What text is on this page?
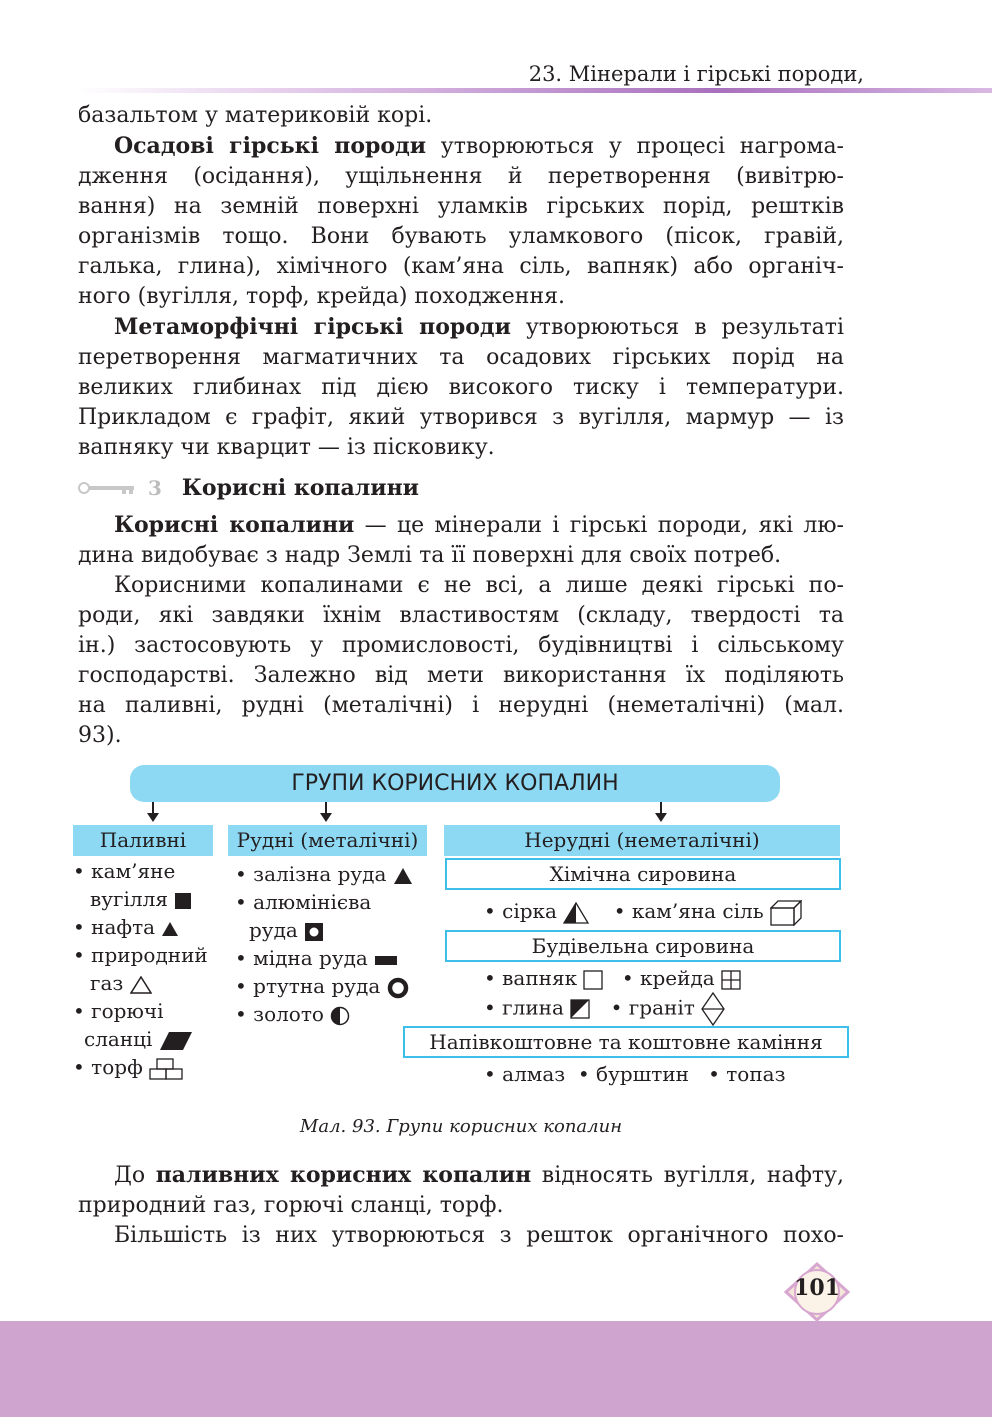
23. Мінерали і гірські породи,

базальтом у материковій корі.

Осадові гірські породи утворюються у процесі нагрома-

дження (осідання), ущільнення й перетворення (вивітрю-

вання) на земній поверхні уламків гірських порід, рештків

організмів тощо. Вони бувають уламкового (пісок, гравій,

галька, глина), хімічного (кам’яна сіль, вапняк) або органіч-

ного (вугілля, торф, крейда) походження.

Метаморфічні гірські породи утворюються в результаті

перетворення магматичних та осадових гірських порід на

великих глибинах під дією високого тиску і температури.

Прикладом є графіт, який утворився з вугілля, мармур — із

вапняку чи кварцит — із пісковику.

3 Корисні копалини

Корисні копалини — це мінерали і гірські породи, які лю-

дина видобуває з надр Землі та її поверхні для своїх потреб.

Корисними копалинами є не всі, а лише деякі гірські по-

роди, які завдяки їхнім властивостям (складу, твердості та

ін.) застосовують у промисловості, будівництві і сільському

господарстві. Залежно від мети використання їх поділяють

на паливні, рудні (металічні) і нерудні (неметалічні) (мал.

93).

ГРУПИ КОРИСНИХ КОПАЛИН
Паливні	Рудні (металічні)	Нерудні (неметалічні)
• кам’яне
вугілля
• нафта
• природний
газ
• горючі
сланці
• торф
• залізна руда
• алюмінієва
руда
• мідна руда
• ртутна руда
• золото
Хімічна сировина
• сірка	• кам’яна сіль
Будівельна сировина
• вапняк • крейда
• глина • граніт
Напівкоштовне та коштовне каміння
• алмаз • бурштин • топаз
Мал. 93. Групи корисних копалин

До паливних корисних копалин відносять вугілля, нафту,

природний газ, горючі сланці, торф.

Більшість із них утворюються з решток органічного похо-

101
